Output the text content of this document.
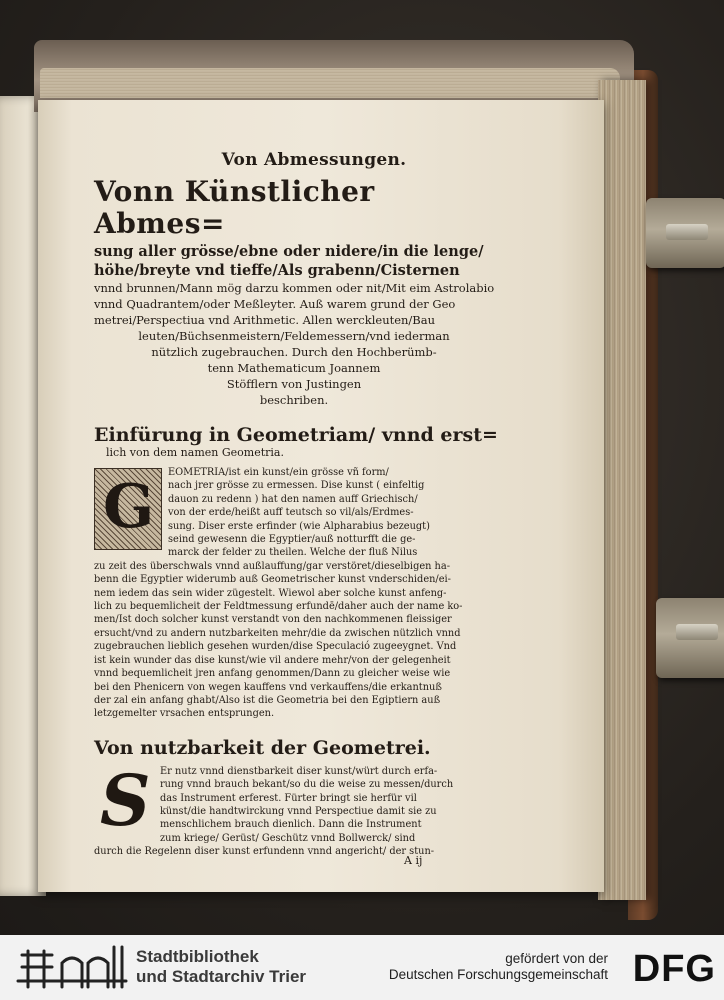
Von Abmessungen.
Vonn Künstlicher Abmes=
sung aller grösse/ebne oder nidere/in die lenge/
höhe/breyte vnd tieffe/Als grabenn/Cisternen
vnnd brunnen/Mann mög darzu kommen oder nit/Mit eim Astrolabio
vnnd Quadrantem/oder Meßleyter. Auß warem grund der Geo
metrei/Perspectiua vnd Arithmetic. Allen werckleuten/Bau
leuten/Büchsenmeistern/Feldemessern/vnd iederman
nützlich zugebrauchen. Durch den Hochberümb-
tenn Mathematicum Joannem
Stöfflern von Justingen
beschriben.
Einfürung in Geometriam/ vnnd erst=
lich von dem namen Geometria.
G	EOMETRIA/ist ein kunst/ein grösse vñ form/
nach jrer grösse zu ermessen. Dise kunst ( einfeltig
dauon zu redenn ) hat den namen auff Griechisch/
von der erde/heißt auff teutsch so vil/als/Erdmes-
sung. Diser erste erfinder (wie Alpharabius bezeugt)
seind gewesenn die Egyptier/auß notturfft die ge-
marck der felder zu theilen. Welche der fluß Nilus
zu zeit des überschwals vnnd außlauffung/gar verstöret/dieselbigen ha-
benn die Egyptier widerumb auß Geometrischer kunst vnderschiden/ei-
nem iedem das sein wider zügestelt. Wiewol aber solche kunst anfeng-
lich zu bequemlicheit der Feldtmessung erfundē/daher auch der name ko-
men/Ist doch solcher kunst verstandt von den nachkommenen fleissiger
ersucht/vnd zu andern nutzbarkeiten mehr/die da zwischen nützlich vnnd
zugebrauchen lieblich gesehen wurden/dise Speculació zugeeygnet. Vnd
ist kein wunder das dise kunst/wie vil andere mehr/von der gelegenheit
vnnd bequemlicheit jren anfang genommen/Dann zu gleicher weise wie
bei den Phenicern von wegen kauffens vnd verkauffens/die erkantnuß
der zal ein anfang ghabt/Also ist die Geometria bei den Egiptiern auß
letzgemelter vrsachen entsprungen.
Von nutzbarkeit der Geometrei.
S Er nutz vnnd dienstbarkeit diser kunst/würt durch erfa-
rung vnnd brauch bekant/so du die weise zu messen/durch
das Instrument erferest. Fürter bringt sie herfür vil
künst/die handtwirckung vnnd Perspectiue damit sie zu
menschlichem brauch dienlich. Dann die Instrument
zum kriege/ Gerüst/ Geschütz vnnd Bollwerck/ sind
durch die Regelenn diser kunst erfundenn vnnd angericht/ der stun-
A ij
Stadtbibliothek
und Stadtarchiv Trier
gefördert von der
Deutschen Forschungsgemeinschaft DFG
